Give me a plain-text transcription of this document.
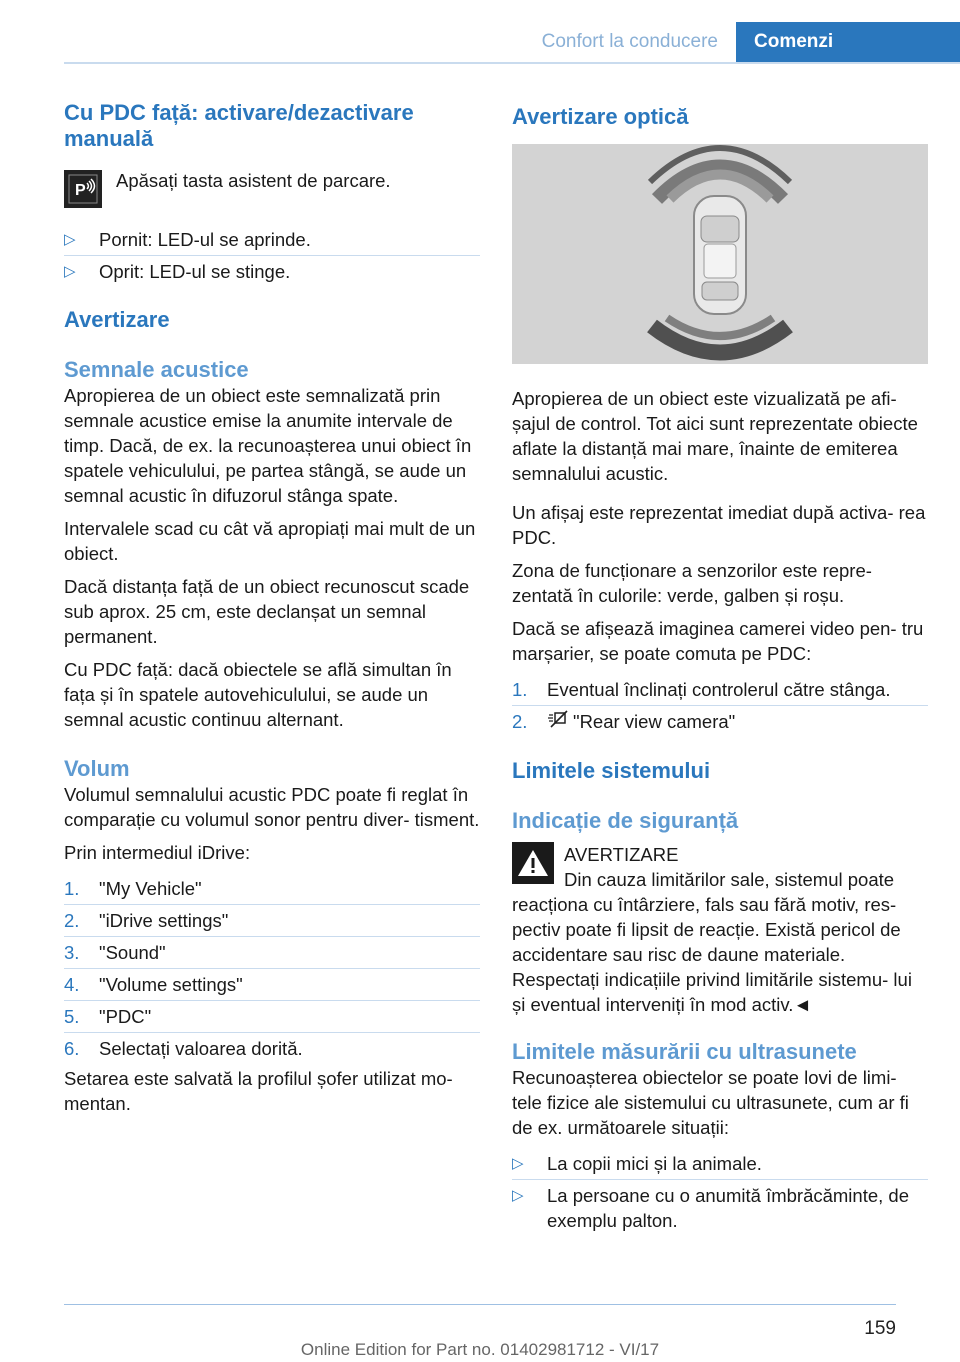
Confort la conducere	Comenzi
Cu PDC față: activare/dezactivare manuală
P Apăsați tasta asistent de parcare.
▷	Pornit: LED-ul se aprinde.
▷	Oprit: LED-ul se stinge.
Avertizare
Semnale acustice

Apropierea de un obiect este semnalizată prin semnale acustice emise la anumite intervale de timp. Dacă, de ex. la recunoașterea unui obiect în spatele vehiculului, pe partea stângă, se aude un semnal acustic în difuzorul stânga spate.

Intervalele scad cu cât vă apropiați mai mult de un obiect.

Dacă distanța față de un obiect recunoscut scade sub aprox. 25 cm, este declanșat un semnal permanent.

Cu PDC față: dacă obiectele se află simultan în fața și în spatele autovehiculului, se aude un semnal acustic continuu alternant.

Volum

Volumul semnalului acustic PDC poate fi reglat în comparație cu volumul sonor pentru diver‐ tisment.

Prin intermediul iDrive:

1.	"My Vehicle"
2.	"iDrive settings"
3.	"Sound"
4.	"Volume settings"
5.	"PDC"
6.	Selectați valoarea dorită.

Setarea este salvată la profilul șofer utilizat mo‐ mentan.

Avertizare optică

Apropierea de un obiect este vizualizată pe afi‐ șajul de control. Tot aici sunt reprezentate obiecte aflate la distanță mai mare, înainte de emiterea semnalului acustic.

Un afișaj este reprezentat imediat după activa‐ rea PDC.

Zona de funcționare a senzorilor este repre‐ zentată în culorile: verde, galben și roșu.

Dacă se afișează imaginea camerei video pen‐ tru marșarier, se poate comuta pe PDC:

1.	Eventual înclinați controlerul către stânga.
2.	"Rear view camera"
Limitele sistemului
Indicație de siguranță
AVERTIZARE
Din cauza limitărilor sale, sistemul poate

reacționa cu întârziere, fals sau fără motiv, res‐ pectiv poate fi lipsit de reacție. Există pericol de accidentare sau risc de daune materiale. Respectați indicațiile privind limitările sistemu‐ lui și eventual interveniți în mod activ.◄

Limitele măsurării cu ultrasunete

Recunoașterea obiectelor se poate lovi de limi‐ tele fizice ale sistemului cu ultrasunete, cum ar fi de ex. următoarele situații:

▷	La copii mici și la animale.
▷	La persoane cu o anumită îmbrăcăminte, de exemplu palton.
159
Online Edition for Part no. 01402981712 - VI/17
